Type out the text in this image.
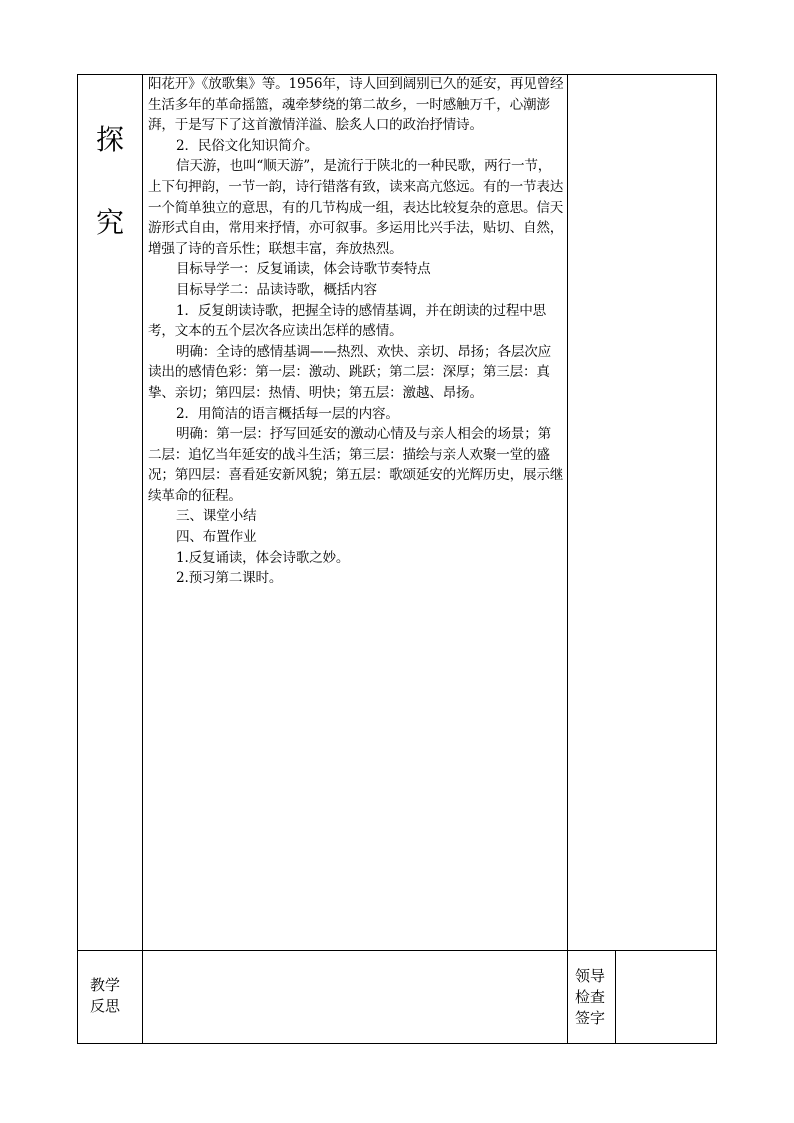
探
究

阳花开》《放歌集》等。1956年，诗人回到阔别已久的延安，再见曾经生活多年的革命摇篮，魂牵梦绕的第二故乡，一时感触万千，心潮澎湃，于是写下了这首激情洋溢、脍炙人口的政治抒情诗。

2．民俗文化知识简介。

信天游，也叫“顺天游”，是流行于陕北的一种民歌，两行一节，上下句押韵，一节一韵，诗行错落有致，读来高亢悠远。有的一节表达一个简单独立的意思，有的几节构成一组，表达比较复杂的意思。信天游形式自由，常用来抒情，亦可叙事。多运用比兴手法，贴切、自然，增强了诗的音乐性；联想丰富，奔放热烈。

目标导学一：反复诵读，体会诗歌节奏特点

目标导学二：品读诗歌，概括内容

1．反复朗读诗歌，把握全诗的感情基调，并在朗读的过程中思考，文本的五个层次各应读出怎样的感情。

明确：全诗的感情基调——热烈、欢快、亲切、昂扬；各层次应读出的感情色彩：第一层：激动、跳跃；第二层：深厚；第三层：真挚、亲切；第四层：热情、明快；第五层：激越、昂扬。

2．用简洁的语言概括每一层的内容。

明确：第一层：抒写回延安的激动心情及与亲人相会的场景；第二层：追忆当年延安的战斗生活；第三层：描绘与亲人欢聚一堂的盛况；第四层：喜看延安新风貌；第五层：歌颂延安的光辉历史，展示继续革命的征程。

三、课堂小结

四、布置作业

1.反复诵读，体会诗歌之妙。

2.预习第二课时。

教学
反思
领导
检查
签字
